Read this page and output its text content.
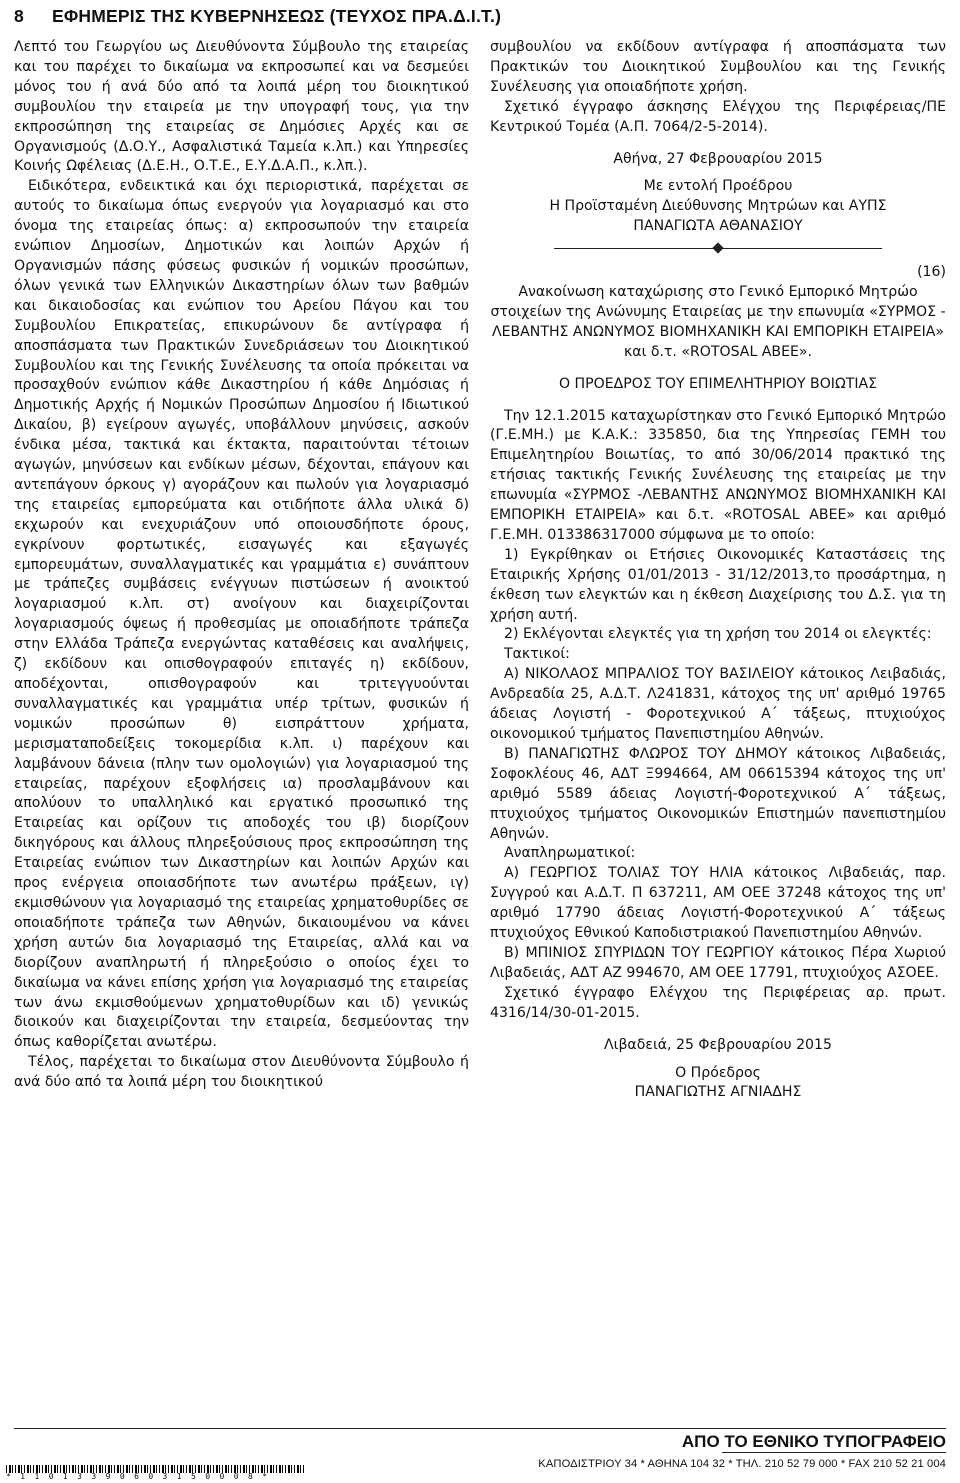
8 ΕΦΗΜΕΡΙΣ ΤΗΣ ΚΥΒΕΡΝΗΣΕΩΣ (ΤΕΥΧΟΣ ΠΡΑ.Δ.Ι.Τ.)

Λεπτό του Γεωργίου ως Διευθύνοντα Σύμβουλο της εταιρείας και του παρέχει το δικαίωμα να εκπροσωπεί και να δεσμεύει μόνος του ή ανά δύο από τα λοιπά μέρη του διοικητικού συμβουλίου την εταιρεία με την υπογραφή τους, για την εκπροσώπηση της εταιρείας σε Δημόσιες Αρχές και σε Οργανισμούς (Δ.Ο.Υ., Ασφαλιστικά Ταμεία κ.λπ.) και Υπηρεσίες Κοινής Ωφέλειας (Δ.Ε.Η., Ο.Τ.Ε., Ε.Υ.Δ.Α.Π., κ.λπ.).

Ειδικότερα, ενδεικτικά και όχι περιοριστικά, παρέχεται σε αυτούς το δικαίωμα όπως ενεργούν για λογαριασμό και στο όνομα της εταιρείας όπως: α) εκπροσωπούν την εταιρεία ενώπιον Δημοσίων, Δημοτικών και λοιπών Αρχών ή Οργανισμών πάσης φύσεως φυσικών ή νομικών προσώπων, όλων γενικά των Ελληνικών Δικαστηρίων όλων των βαθμών και δικαιοδοσίας και ενώπιον του Αρείου Πάγου και του Συμβουλίου Επικρατείας, επικυρώνουν δε αντίγραφα ή αποσπάσματα των Πρακτικών Συνεδριάσεων του Διοικητικού Συμβουλίου και της Γενικής Συνέλευσης τα οποία πρόκειται να προσαχθούν ενώπιον κάθε Δικαστηρίου ή κάθε Δημόσιας ή Δημοτικής Αρχής ή Νομικών Προσώπων Δημοσίου ή Ιδιωτικού Δικαίου, β) εγείρουν αγωγές, υποβάλλουν μηνύσεις, ασκούν ένδικα μέσα, τακτικά και έκτακτα, παραιτούνται τέτοιων αγωγών, μηνύσεων και ενδίκων μέσων, δέχονται, επάγουν και αντεπάγουν όρκους γ) αγοράζουν και πωλούν για λογαριασμό της εταιρείας εμπορεύματα και οτιδήποτε άλλα υλικά δ) εκχωρούν και ενεχυριάζουν υπό οποιουσδήποτε όρους, εγκρίνουν φορτωτικές, εισαγωγές και εξαγωγές εμπορευμάτων, συναλλαγματικές και γραμμάτια ε) συνάπτουν με τράπεζες συμβάσεις ενέγγυων πιστώσεων ή ανοικτού λογαριασμού κ.λπ. στ) ανοίγουν και διαχειρίζονται λογαριασμούς όψεως ή προθεσμίας με οποιαδήποτε τράπεζα στην Ελλάδα Τράπεζα ενεργώντας καταθέσεις και αναλήψεις, ζ) εκδίδουν και οπισθογραφούν επιταγές η) εκδίδουν, αποδέχονται, οπισθογραφούν και τριτεγγυούνται συναλλαγματικές και γραμμάτια υπέρ τρίτων, φυσικών ή νομικών προσώπων θ) εισπράττουν χρήματα, μερισματαποδείξεις τοκομερίδια κ.λπ. ι) παρέχουν και λαμβάνουν δάνεια (πλην των ομολογιών) για λογαριασμού της εταιρείας, παρέχουν εξοφλήσεις ια) προσλαμβάνουν και απολύουν το υπαλληλικό και εργατικό προσωπικό της Εταιρείας και ορίζουν τις αποδοχές του ιβ) διορίζουν δικηγόρους και άλλους πληρεξούσιους προς εκπροσώπηση της Εταιρείας ενώπιον των Δικαστηρίων και λοιπών Αρχών και προς ενέργεια οποιασδήποτε των ανωτέρω πράξεων, ιγ) εκμισθώνουν για λογαριασμό της εταιρείας χρηματοθυρίδες σε οποιαδήποτε τράπεζα των Αθηνών, δικαιουμένου να κάνει χρήση αυτών δια λογαριασμό της Εταιρείας, αλλά και να διορίζουν αναπληρωτή ή πληρεξούσιο ο οποίος έχει το δικαίωμα να κάνει επίσης χρήση για λογαριασμό της εταιρείας των άνω εκμισθούμενων χρηματοθυρίδων και ιδ) γενικώς διοικούν και διαχειρίζονται την εταιρεία, δεσμεύοντας την όπως καθορίζεται ανωτέρω.

Τέλος, παρέχεται το δικαίωμα στον Διευθύνοντα Σύμβουλο ή ανά δύο από τα λοιπά μέρη του διοικητικού

συμβουλίου να εκδίδουν αντίγραφα ή αποσπάσματα των Πρακτικών του Διοικητικού Συμβουλίου και της Γενικής Συνέλευσης για οποιαδήποτε χρήση.

Σχετικό έγγραφο άσκησης Ελέγχου της Περιφέρειας/ΠΕ Κεντρικού Τομέα (Α.Π. 7064/2-5-2014).

Αθήνα, 27 Φεβρουαρίου 2015

Με εντολή Προέδρου

Η Προϊσταμένη Διεύθυνσης Μητρώων και ΑΥΠΣ

ΠΑΝΑΓΙΩΤΑ ΑΘΑΝΑΣΙΟΥ

(16)

Ανακοίνωση καταχώρισης στο Γενικό Εμπορικό Μητρώο στοιχείων της Ανώνυμης Εταιρείας με την επωνυμία «ΣΥΡΜΟΣ - ΛΕΒΑΝΤΗΣ ΑΝΩΝΥΜΟΣ ΒΙΟΜΗΧΑΝΙΚΗ ΚΑΙ ΕΜΠΟΡΙΚΗ ΕΤΑΙΡΕΙΑ» και δ.τ. «ROTOSAL ΑΒΕΕ».

Ο ΠΡΟΕΔΡΟΣ ΤΟΥ ΕΠΙΜΕΛΗΤΗΡΙΟΥ ΒΟΙΩΤΙΑΣ

Την 12.1.2015 καταχωρίστηκαν στο Γενικό Εμπορικό Μητρώο (Γ.Ε.ΜΗ.) με Κ.Α.Κ.: 335850, δια της Υπηρεσίας ΓΕΜΗ του Επιμελητηρίου Βοιωτίας, το από 30/06/2014 πρακτικό της ετήσιας τακτικής Γενικής Συνέλευσης της εταιρείας με την επωνυμία «ΣΥΡΜΟΣ -ΛΕΒΑΝΤΗΣ ΑΝΩΝΥΜΟΣ ΒΙΟΜΗΧΑΝΙΚΗ ΚΑΙ ΕΜΠΟΡΙΚΗ ΕΤΑΙΡΕΙΑ» και δ.τ. «ROTOSAL ΑΒΕΕ» και αριθμό Γ.Ε.ΜΗ. 013386317000 σύμφωνα με το οποίο:

1) Εγκρίθηκαν οι Ετήσιες Οικονομικές Καταστάσεις της Εταιρικής Χρήσης 01/01/2013 - 31/12/2013,το προσάρτημα, η έκθεση των ελεγκτών και η έκθεση Διαχείρισης του Δ.Σ. για τη χρήση αυτή.

2) Εκλέγονται ελεγκτές για τη χρήση του 2014 οι ελεγκτές:

Τακτικοί:

Α) ΝΙΚΟΛΑΟΣ ΜΠΡΑΛΙΟΣ ΤΟΥ ΒΑΣΙΛΕΙΟΥ κάτοικος Λειβαδιάς, Ανδρεαδία 25, Α.Δ.Τ. Λ241831, κάτοχος της υπ' αριθμό 19765 άδειας Λογιστή - Φοροτεχνικού Α΄ τάξεως, πτυχιούχος οικονομικού τμήματος Πανεπιστημίου Αθηνών.

Β) ΠΑΝΑΓΙΩΤΗΣ ΦΛΩΡΟΣ ΤΟΥ ΔΗΜΟΥ κάτοικος Λιβαδειάς, Σοφοκλέους 46, ΑΔΤ Ξ994664, ΑΜ 06615394 κάτοχος της υπ' αριθμό 5589 άδειας Λογιστή-Φοροτεχνικού Α΄ τάξεως, πτυχιούχος τμήματος Οικονομικών Επιστημών πανεπιστημίου Αθηνών.

Αναπληρωματικοί:

Α) ΓΕΩΡΓΙΟΣ ΤΟΛΙΑΣ ΤΟΥ ΗΛΙΑ κάτοικος Λιβαδειάς, παρ. Συγγρού και Α.Δ.Τ. Π 637211, ΑΜ ΟΕΕ 37248 κάτοχος της υπ' αριθμό 17790 άδειας Λογιστή-Φοροτεχνικού Α΄ τάξεως πτυχιούχος Εθνικού Καποδιστριακού Πανεπιστημίου Αθηνών.

Β) ΜΠΙΝΙΟΣ ΣΠΥΡΙΔΩΝ ΤΟΥ ΓΕΩΡΓΙΟΥ κάτοικος Πέρα Χωριού Λιβαδειάς, ΑΔΤ ΑΖ 994670, ΑΜ ΟΕΕ 17791, πτυχιούχος ΑΣΟΕΕ.

Σχετικό έγγραφο Ελέγχου της Περιφέρειας αρ. πρωτ. 4316/14/30-01-2015.

Λιβαδειά, 25 Φεβρουαρίου 2015

Ο Πρόεδρος

ΠΑΝΑΓΙΩΤΗΣ ΑΓΝΙΑΔΗΣ

ΑΠΟ ΤΟ ΕΘΝΙΚΟ ΤΥΠΟΓΡΑΦΕΙΟ
ΚΑΠΟΔΙΣΤΡΙΟΥ 34 * ΑΘΗΝΑ 104 32 * ΤΗΛ. 210 52 79 000 * FAX 210 52 21 004
* 1 1 0 1 3 3 9 0 6 0 3 1 5 0 0 0 8 *
